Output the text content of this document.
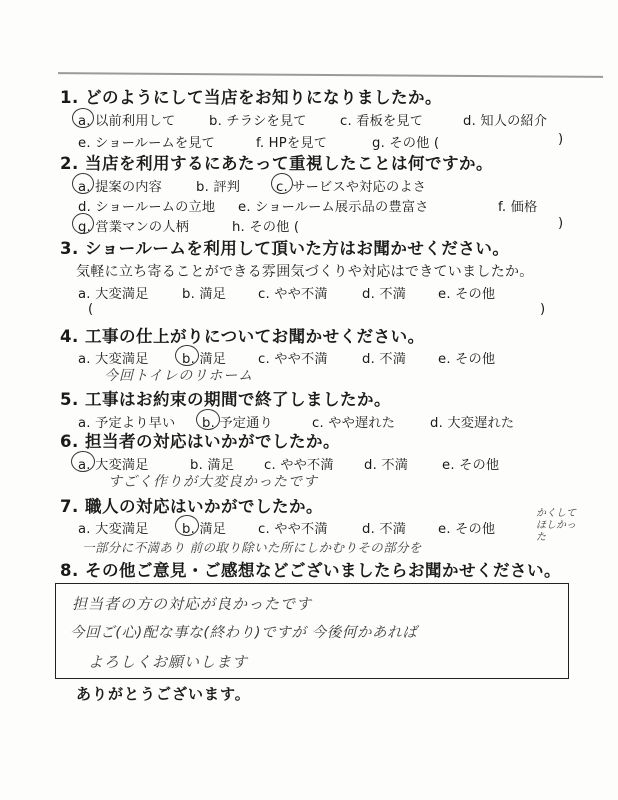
1. どのようにして当店をお知りになりましたか。
a. 以前利用して	b. チラシを見て	c. 看板を見て	d. 知人の紹介
e. ショールームを見て	f. HPを見て	g. その他 (	)
2. 当店を利用するにあたって重視したことは何ですか。
a. 提案の内容	b. 評判	c. サービスや対応のよさ
d. ショールームの立地 e. ショールーム展示品の豊富さ	f. 価格
g. 営業マンの人柄	h. その他 (	)
3. ショールームを利用して頂いた方はお聞かせください。
気軽に立ち寄ることができる雰囲気づくりや対応はできていましたか。
a. 大変満足	b. 満足 c. やや不満	d. 不満 e. その他
(	)
4. 工事の仕上がりについてお聞かせください。
a. 大変満足	b. 満足 c. やや不満	d. 不満 e. その他
今回トイレのリホーム
5. 工事はお約束の期間で終了しましたか。
a. 予定より早い b. 予定通り	c. やや遅れた	d. 大変遅れた
6. 担当者の対応はいかがでしたか。
a. 大変満足	b. 満足 c. やや不満 d. 不満	e. その他
すごく作りが大変良かったです
7. 職人の対応はいかがでしたか。
a. 大変満足	b. 満足 c. やや不満	d. 不満 e. その他
一部分に不満あり 前の取り除いた所にしかむりその部分を
かくして ほしかった
8. その他ご意見・ご感想などございましたらお聞かせください。
担当者の方の対応が良かったです
今回ご(心)配な事な(終わり)ですが 今後何かあれば
よろしくお願いします
ありがとうございます。
